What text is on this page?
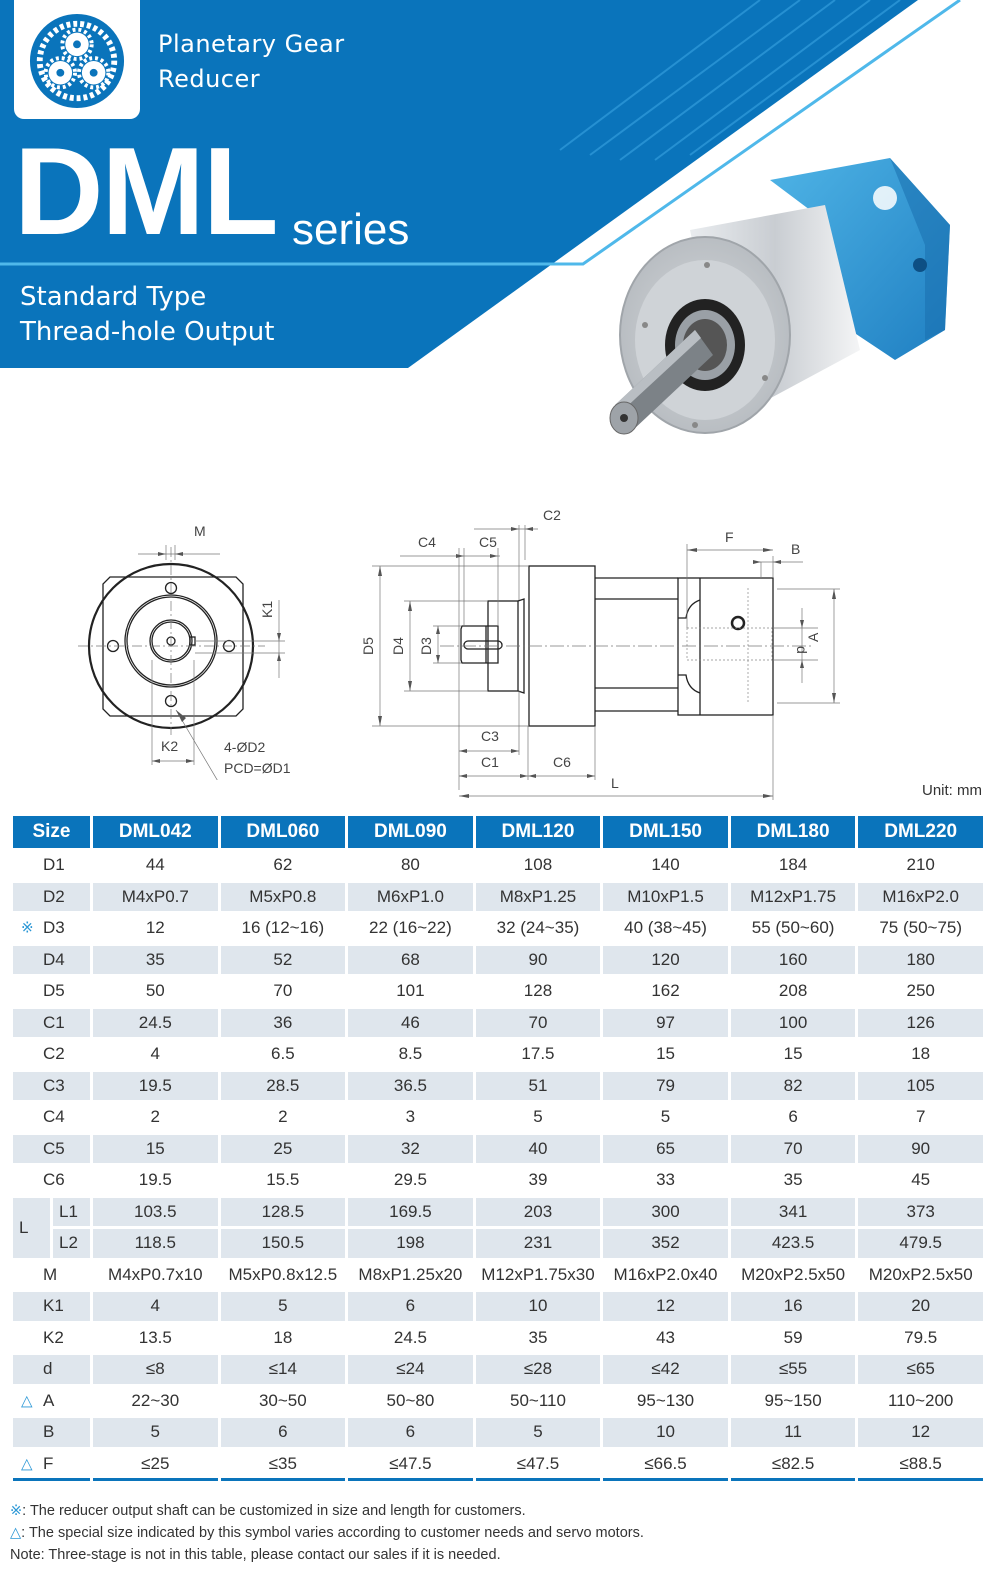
Planetary Gear
Reducer
DML series
Standard Type
Thread-hole Output
M
K1
K2	4-ØD2
PCD=ØD1
C2
C4	C5	F
B
D5 D4 D3	d
A
C3
C1	C6
L	Unit: mm
Size		DML042	DML060	DML090	DML120	DML150	DML180	DML220
D1		44	62	80	108	140	184	210
D2		M4xP0.7	M5xP0.8	M6xP1.0	M8xP1.25	M10xP1.5	M12xP1.75	M16xP2.0

※ D3		12	16 (12~16)	22 (16~22)	32 (24~35)	40 (38~45)	55 (50~60)	75 (50~75)
D4		35	52	68	90	120	160	180
D5		50	70	101	128	162	208	250
C1		24.5	36	46	70	97	100	126
C2		4	6.5	8.5	17.5	15	15	18
C3		19.5	28.5	36.5	51	79	82	105
C4		2	2	3	5	5	6	7
C5		15	25	32	40	65	70	90
C6		19.5	15.5	29.5	39	33	35	45
L	L1	103.5	128.5	169.5	203	300	341	373
	L2	118.5	150.5	198	231	352	423.5	479.5
M		M4xP0.7x10	M5xP0.8x12.5	M8xP1.25x20	M12xP1.75x30	M16xP2.0x40	M20xP2.5x50	M20xP2.5x50
K1		4	5	6	10	12	16	20
K2		13.5	18	24.5	35	43	59	79.5
d		≤8	≤14	≤24	≤28	≤42	≤55	≤65

△ A		22~30	30~50	50~80	50~110	95~130	95~150	110~200
B		5	6	6	5	10	11	12

△ F		≤25	≤35	≤47.5	≤47.5	≤66.5	≤82.5	≤88.5
※: The reducer output shaft can be customized in size and length for customers.
△: The special size indicated by this symbol varies according to customer needs and servo motors.
Note: Three-stage is not in this table, please contact our sales if it is needed.
